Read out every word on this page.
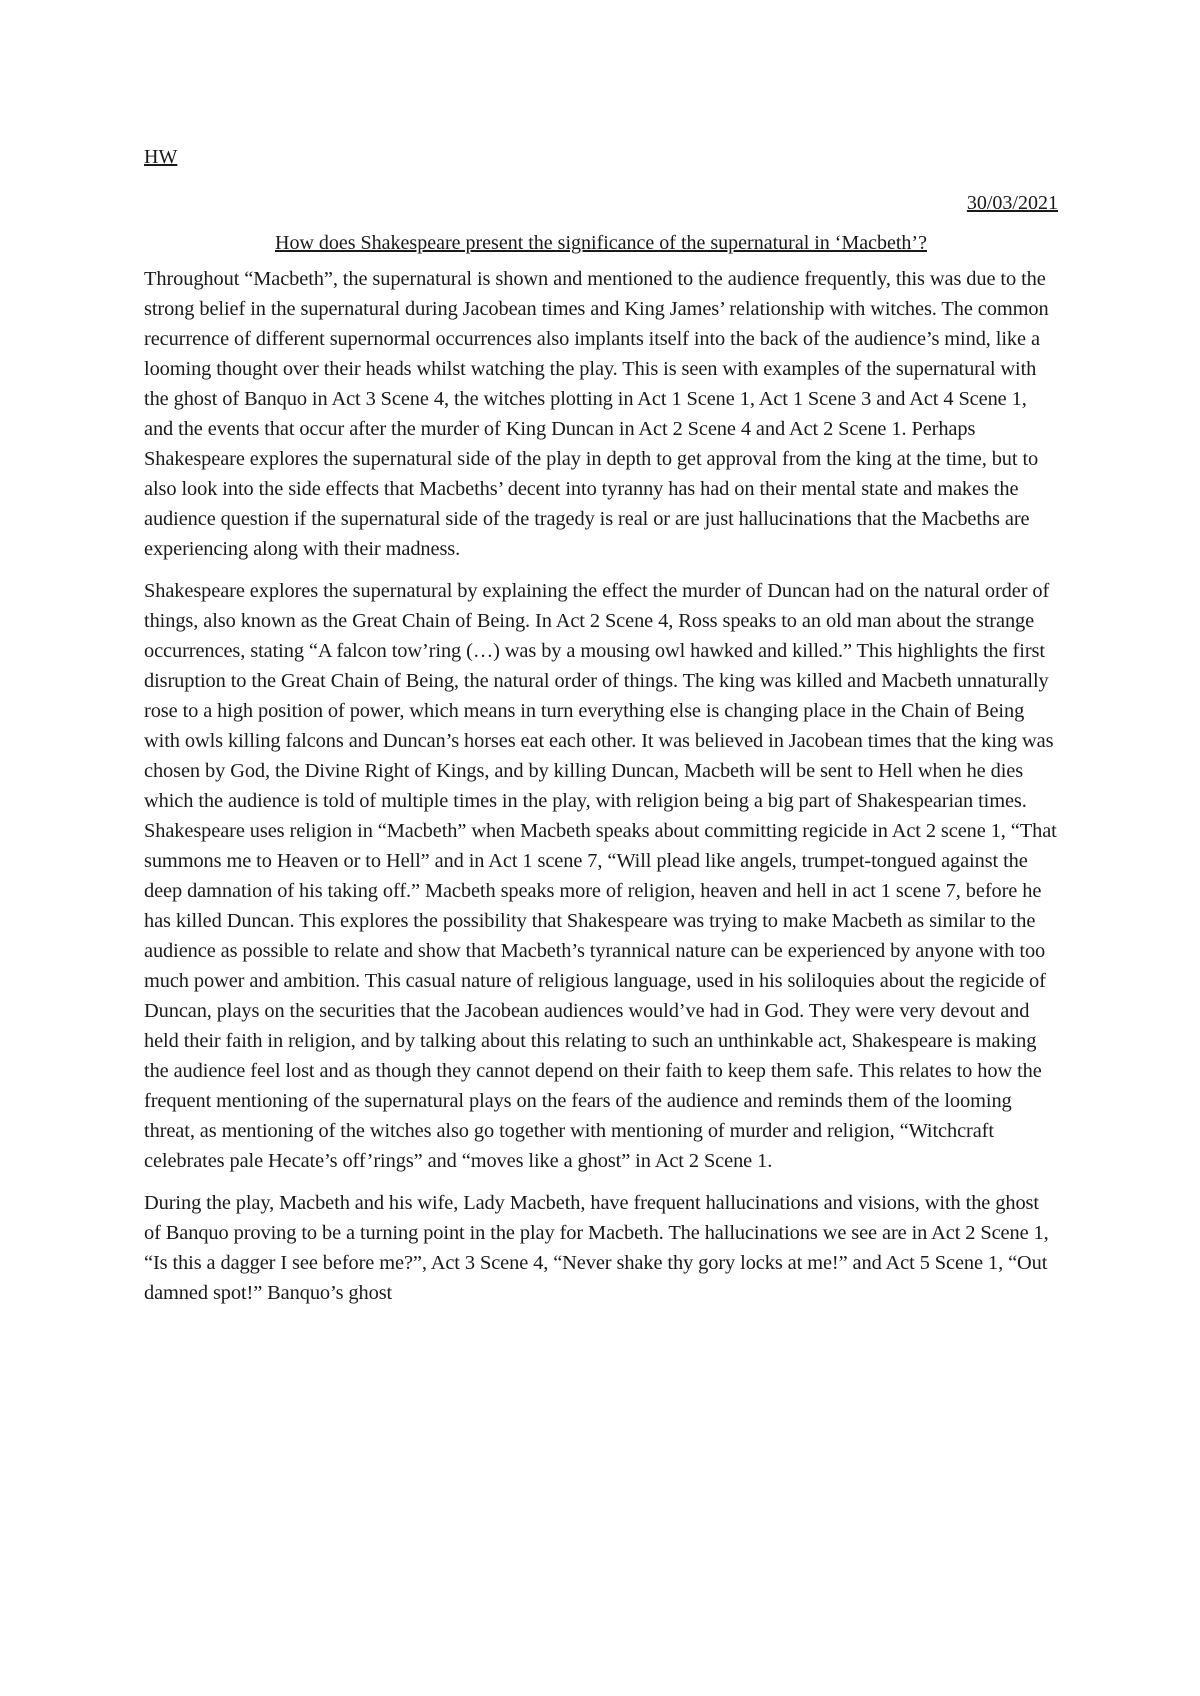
HW
30/03/2021
How does Shakespeare present the significance of the supernatural in ‘Macbeth’?

Throughout “Macbeth”, the supernatural is shown and mentioned to the audience frequently, this was due to the strong belief in the supernatural during Jacobean times and King James’ relationship with witches. The common recurrence of different supernormal occurrences also implants itself into the back of the audience’s mind, like a looming thought over their heads whilst watching the play. This is seen with examples of the supernatural with the ghost of Banquo in Act 3 Scene 4, the witches plotting in Act 1 Scene 1, Act 1 Scene 3 and Act 4 Scene 1, and the events that occur after the murder of King Duncan in Act 2 Scene 4 and Act 2 Scene 1. Perhaps Shakespeare explores the supernatural side of the play in depth to get approval from the king at the time, but to also look into the side effects that Macbeths’ decent into tyranny has had on their mental state and makes the audience question if the supernatural side of the tragedy is real or are just hallucinations that the Macbeths are experiencing along with their madness.

Shakespeare explores the supernatural by explaining the effect the murder of Duncan had on the natural order of things, also known as the Great Chain of Being. In Act 2 Scene 4, Ross speaks to an old man about the strange occurrences, stating “A falcon tow’ring (…) was by a mousing owl hawked and killed.” This highlights the first disruption to the Great Chain of Being, the natural order of things. The king was killed and Macbeth unnaturally rose to a high position of power, which means in turn everything else is changing place in the Chain of Being with owls killing falcons and Duncan’s horses eat each other. It was believed in Jacobean times that the king was chosen by God, the Divine Right of Kings, and by killing Duncan, Macbeth will be sent to Hell when he dies which the audience is told of multiple times in the play, with religion being a big part of Shakespearian times. Shakespeare uses religion in “Macbeth” when Macbeth speaks about committing regicide in Act 2 scene 1, “That summons me to Heaven or to Hell” and in Act 1 scene 7, “Will plead like angels, trumpet-tongued against the deep damnation of his taking off.” Macbeth speaks more of religion, heaven and hell in act 1 scene 7, before he has killed Duncan. This explores the possibility that Shakespeare was trying to make Macbeth as similar to the audience as possible to relate and show that Macbeth’s tyrannical nature can be experienced by anyone with too much power and ambition. This casual nature of religious language, used in his soliloquies about the regicide of Duncan, plays on the securities that the Jacobean audiences would’ve had in God. They were very devout and held their faith in religion, and by talking about this relating to such an unthinkable act, Shakespeare is making the audience feel lost and as though they cannot depend on their faith to keep them safe. This relates to how the frequent mentioning of the supernatural plays on the fears of the audience and reminds them of the looming threat, as mentioning of the witches also go together with mentioning of murder and religion, “Witchcraft celebrates pale Hecate’s off’rings” and “moves like a ghost” in Act 2 Scene 1.

During the play, Macbeth and his wife, Lady Macbeth, have frequent hallucinations and visions, with the ghost of Banquo proving to be a turning point in the play for Macbeth. The hallucinations we see are in Act 2 Scene 1, “Is this a dagger I see before me?”, Act 3 Scene 4, “Never shake thy gory locks at me!” and Act 5 Scene 1, “Out damned spot!” Banquo’s ghost
